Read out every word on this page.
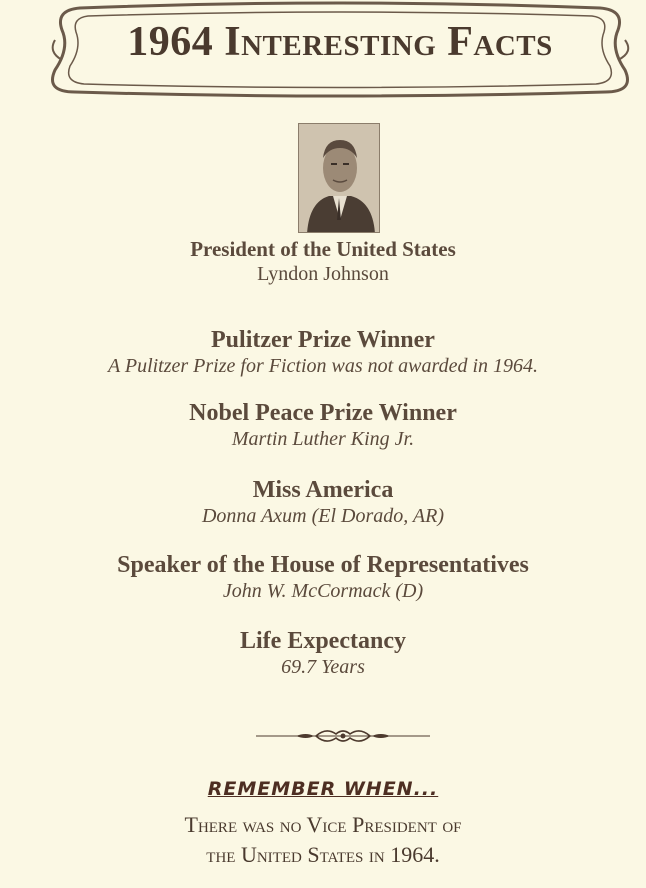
1964 Interesting Facts
President of the United States
Lyndon Johnson
Pulitzer Prize Winner
A Pulitzer Prize for Fiction was not awarded in 1964.
Nobel Peace Prize Winner
Martin Luther King Jr.
Miss America
Donna Axum (El Dorado, AR)
Speaker of the House of Representatives
John W. McCormack (D)
Life Expectancy
69.7 Years
REMEMBER WHEN...
There was no Vice President of
the United States in 1964.
